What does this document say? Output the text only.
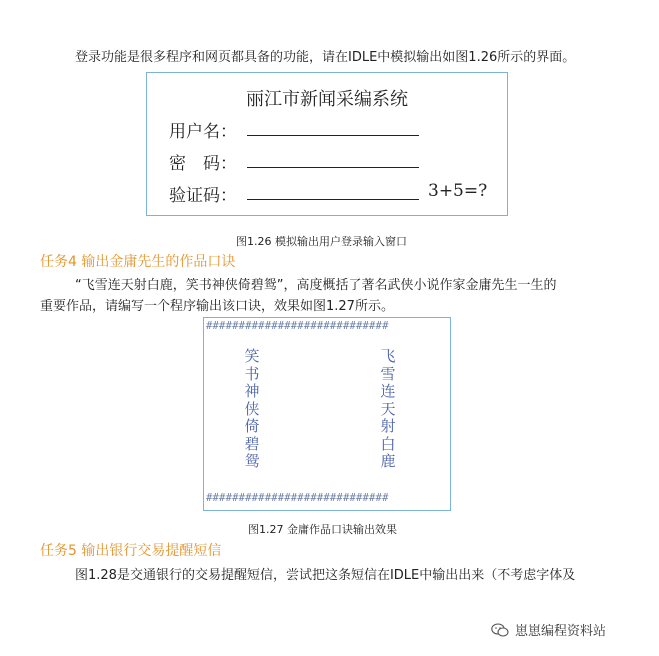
登录功能是很多程序和网页都具备的功能，请在IDLE中模拟输出如图1.26所示的界面。
丽江市新闻采编系统
用户名：
密　码：
验证码：	3+5=?
图1.26 模拟输出用户登录输入窗口
任务4 输出金庸先生的作品口诀
“飞雪连天射白鹿，笑书神侠倚碧鸳”，高度概括了著名武侠小说作家金庸先生一生的
重要作品，请编写一个程序输出该口诀，效果如图1.27所示。
############################
笑书神侠倚碧鸳
飞雪连天射白鹿
############################
图1.27 金庸作品口诀输出效果
任务5 输出银行交易提醒短信
图1.28是交通银行的交易提醒短信，尝试把这条短信在IDLE中输出出来（不考虑字体及
崽崽编程资料站
